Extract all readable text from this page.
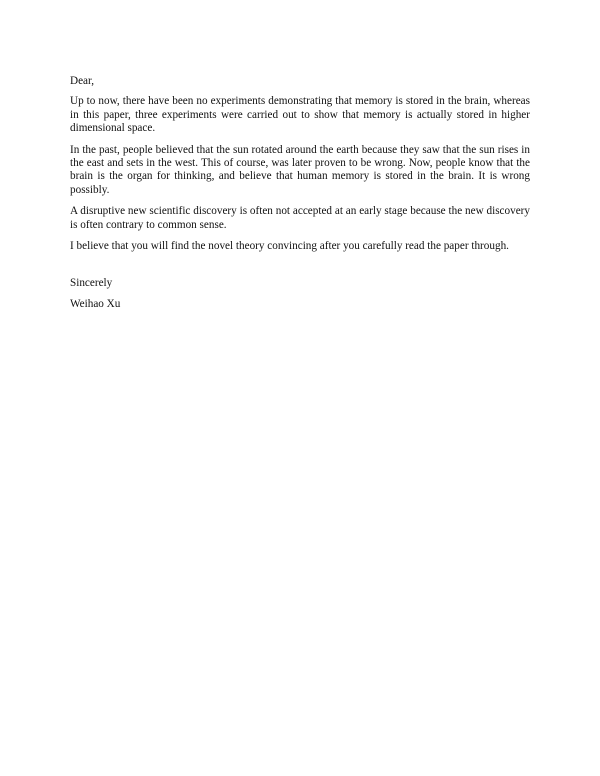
Dear,

Up to now, there have been no experiments demonstrating that memory is stored in the brain, whereas in this paper, three experiments were carried out to show that memory is actually stored in higher dimensional space.

In the past, people believed that the sun rotated around the earth because they saw that the sun rises in the east and sets in the west. This of course, was later proven to be wrong. Now, people know that the brain is the organ for thinking, and believe that human memory is stored in the brain. It is wrong possibly.

A disruptive new scientific discovery is often not accepted at an early stage because the new discovery is often contrary to common sense.

I believe that you will find the novel theory convincing after you carefully read the paper through.

Sincerely
Weihao Xu
